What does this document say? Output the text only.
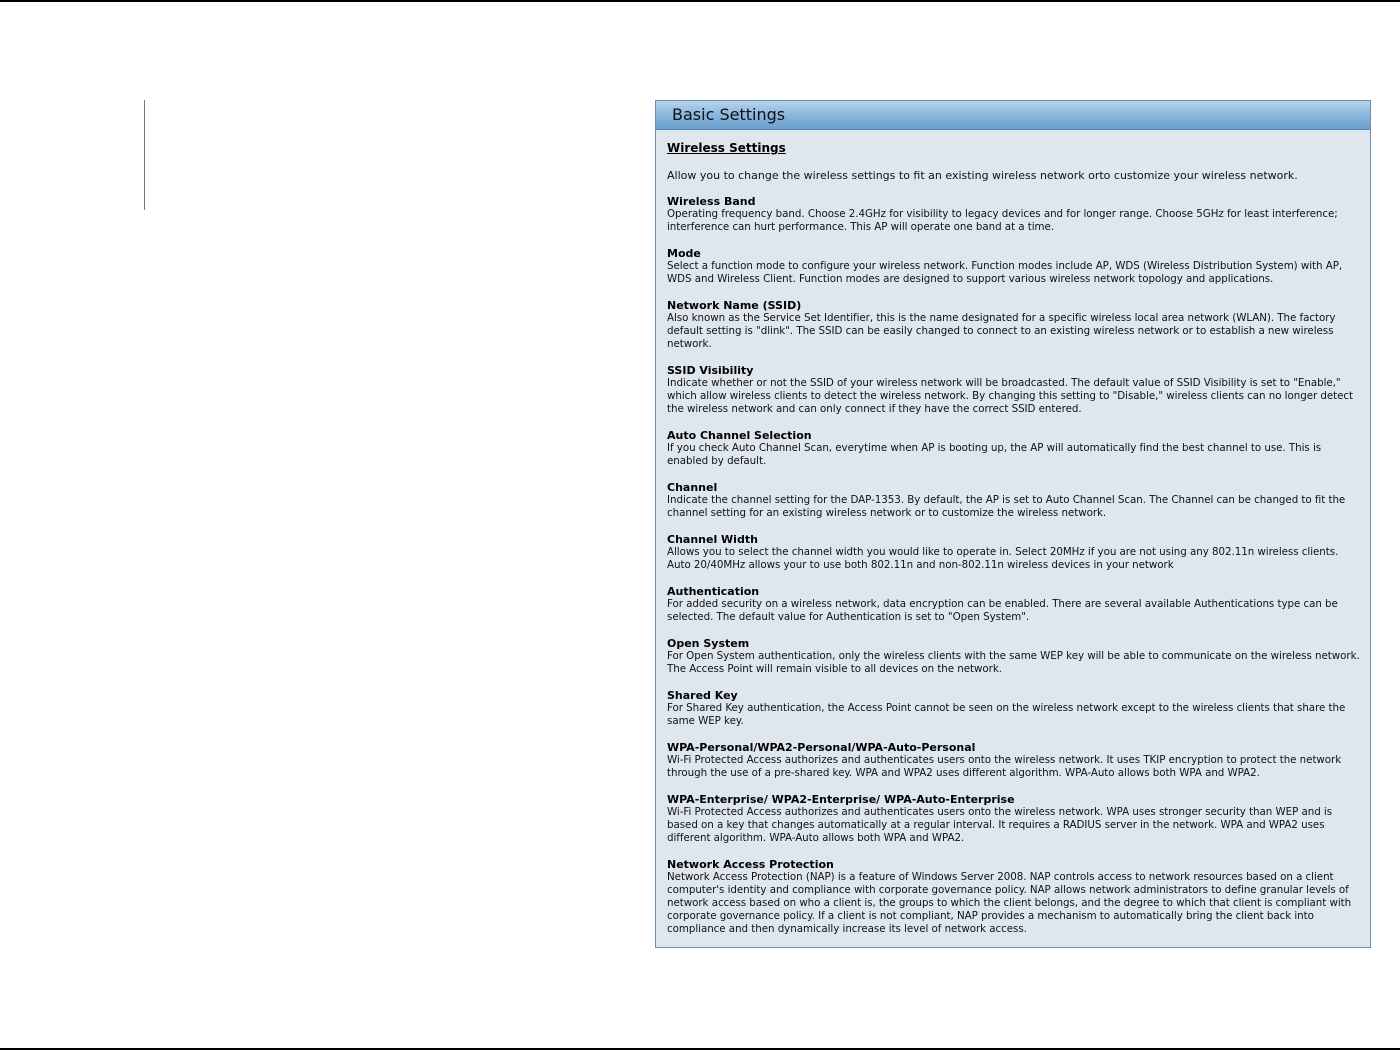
Basic Settings
Wireless Settings
Allow you to change the wireless settings to fit an existing wireless network orto customize your wireless network.
Wireless Band
Operating frequency band. Choose 2.4GHz for visibility to legacy devices and for longer range. Choose 5GHz for least interference; interference can hurt performance. This AP will operate one band at a time.
Mode
Select a function mode to configure your wireless network. Function modes include AP, WDS (Wireless Distribution System) with AP, WDS and Wireless Client. Function modes are designed to support various wireless network topology and applications.
Network Name (SSID)
Also known as the Service Set Identifier, this is the name designated for a specific wireless local area network (WLAN). The factory default setting is "dlink". The SSID can be easily changed to connect to an existing wireless network or to establish a new wireless network.
SSID Visibility
Indicate whether or not the SSID of your wireless network will be broadcasted. The default value of SSID Visibility is set to "Enable," which allow wireless clients to detect the wireless network. By changing this setting to "Disable," wireless clients can no longer detect the wireless network and can only connect if they have the correct SSID entered.
Auto Channel Selection
If you check Auto Channel Scan, everytime when AP is booting up, the AP will automatically find the best channel to use. This is enabled by default.
Channel
Indicate the channel setting for the DAP-1353. By default, the AP is set to Auto Channel Scan. The Channel can be changed to fit the channel setting for an existing wireless network or to customize the wireless network.
Channel Width
Allows you to select the channel width you would like to operate in. Select 20MHz if you are not using any 802.11n wireless clients. Auto 20/40MHz allows your to use both 802.11n and non-802.11n wireless devices in your network
Authentication
For added security on a wireless network, data encryption can be enabled. There are several available Authentications type can be selected. The default value for Authentication is set to "Open System".
Open System
For Open System authentication, only the wireless clients with the same WEP key will be able to communicate on the wireless network. The Access Point will remain visible to all devices on the network.
Shared Key
For Shared Key authentication, the Access Point cannot be seen on the wireless network except to the wireless clients that share the same WEP key.
WPA-Personal/WPA2-Personal/WPA-Auto-Personal
Wi-Fi Protected Access authorizes and authenticates users onto the wireless network. It uses TKIP encryption to protect the network through the use of a pre-shared key. WPA and WPA2 uses different algorithm. WPA-Auto allows both WPA and WPA2.
WPA-Enterprise/ WPA2-Enterprise/ WPA-Auto-Enterprise
Wi-Fi Protected Access authorizes and authenticates users onto the wireless network. WPA uses stronger security than WEP and is based on a key that changes automatically at a regular interval. It requires a RADIUS server in the network. WPA and WPA2 uses different algorithm. WPA-Auto allows both WPA and WPA2.
Network Access Protection
Network Access Protection (NAP) is a feature of Windows Server 2008. NAP controls access to network resources based on a client computer's identity and compliance with corporate governance policy. NAP allows network administrators to define granular levels of network access based on who a client is, the groups to which the client belongs, and the degree to which that client is compliant with corporate governance policy. If a client is not compliant, NAP provides a mechanism to automatically bring the client back into compliance and then dynamically increase its level of network access.
